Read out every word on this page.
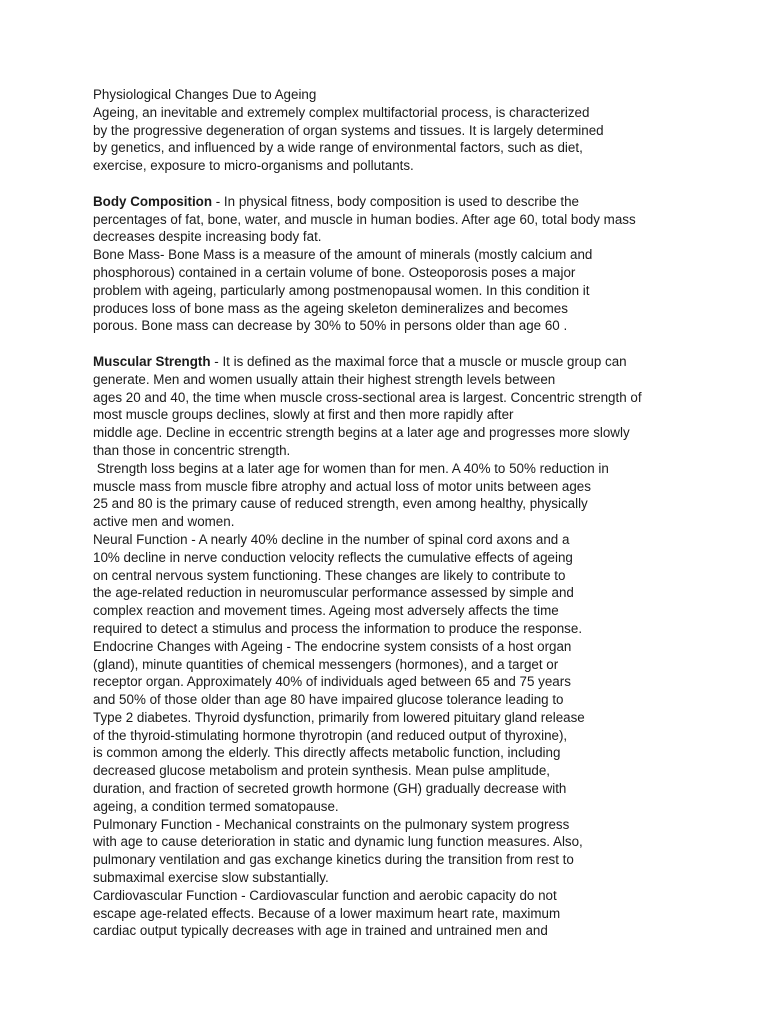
Physiological Changes Due to Ageing
Ageing, an inevitable and extremely complex multifactorial process, is characterized
by the progressive degeneration of organ systems and tissues. It is largely determined
by genetics, and influenced by a wide range of environmental factors, such as diet,
exercise, exposure to micro-organisms and pollutants.
Body Composition - In physical fitness, body composition is used to describe the
percentages of fat, bone, water, and muscle in human bodies. After age 60, total body mass
decreases despite increasing body fat.
Bone Mass- Bone Mass is a measure of the amount of minerals (mostly calcium and
phosphorous) contained in a certain volume of bone. Osteoporosis poses a major
problem with ageing, particularly among postmenopausal women. In this condition it
produces loss of bone mass as the ageing skeleton demineralizes and becomes
porous. Bone mass can decrease by 30% to 50% in persons older than age 60 .
Muscular Strength - It is defined as the maximal force that a muscle or muscle group can
generate. Men and women usually attain their highest strength levels between
ages 20 and 40, the time when muscle cross-sectional area is largest. Concentric strength of
most muscle groups declines, slowly at first and then more rapidly after
middle age. Decline in eccentric strength begins at a later age and progresses more slowly
than those in concentric strength.
Strength loss begins at a later age for women than for men. A 40% to 50% reduction in
muscle mass from muscle fibre atrophy and actual loss of motor units between ages
25 and 80 is the primary cause of reduced strength, even among healthy, physically
active men and women.
Neural Function - A nearly 40% decline in the number of spinal cord axons and a
10% decline in nerve conduction velocity reflects the cumulative effects of ageing
on central nervous system functioning. These changes are likely to contribute to
the age-related reduction in neuromuscular performance assessed by simple and
complex reaction and movement times. Ageing most adversely affects the time
required to detect a stimulus and process the information to produce the response.
Endocrine Changes with Ageing - The endocrine system consists of a host organ
(gland), minute quantities of chemical messengers (hormones), and a target or
receptor organ. Approximately 40% of individuals aged between 65 and 75 years
and 50% of those older than age 80 have impaired glucose tolerance leading to
Type 2 diabetes. Thyroid dysfunction, primarily from lowered pituitary gland release
of the thyroid-stimulating hormone thyrotropin (and reduced output of thyroxine),
is common among the elderly. This directly affects metabolic function, including
decreased glucose metabolism and protein synthesis. Mean pulse amplitude,
duration, and fraction of secreted growth hormone (GH) gradually decrease with
ageing, a condition termed somatopause.
Pulmonary Function - Mechanical constraints on the pulmonary system progress
with age to cause deterioration in static and dynamic lung function measures. Also,
pulmonary ventilation and gas exchange kinetics during the transition from rest to
submaximal exercise slow substantially.
Cardiovascular Function - Cardiovascular function and aerobic capacity do not
escape age-related effects. Because of a lower maximum heart rate, maximum
cardiac output typically decreases with age in trained and untrained men and
